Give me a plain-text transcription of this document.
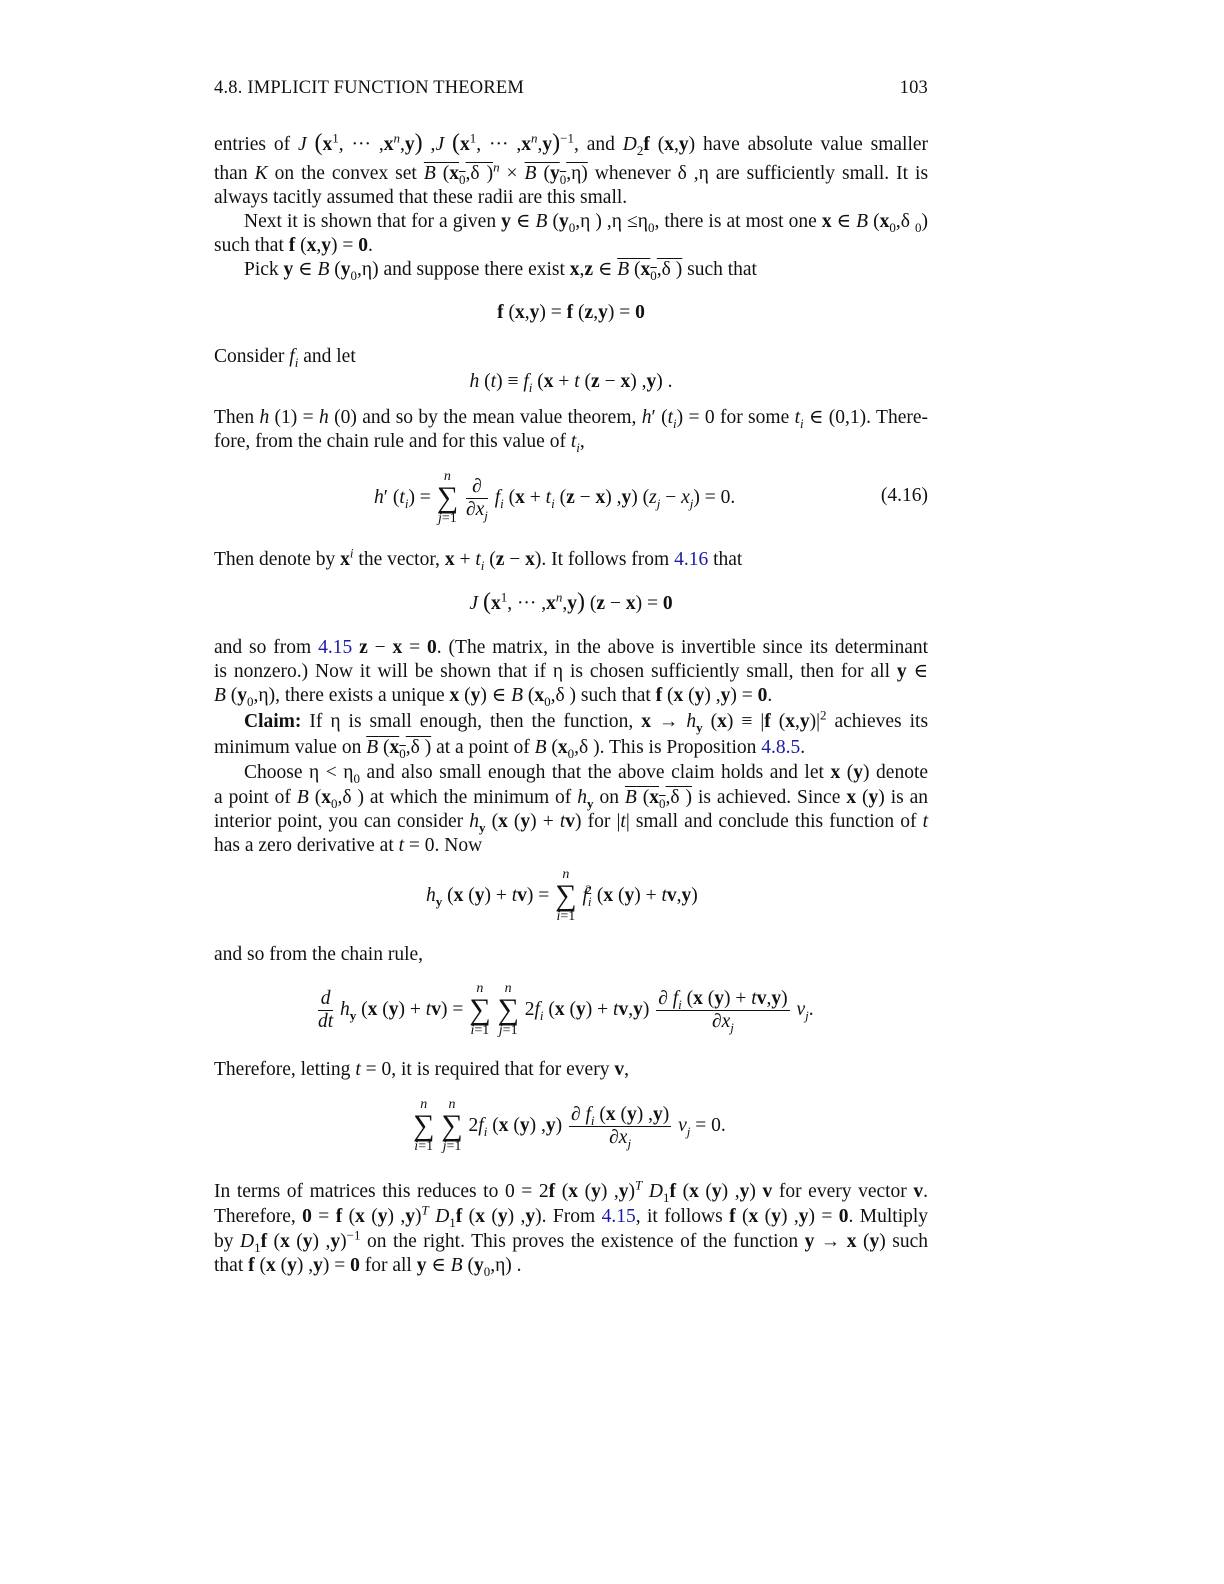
4.8. IMPLICIT FUNCTION THEOREM	103
entries of J ($x^1$, ··· $,x^n,y$) ,J ($x^1$, ··· $,x^n,y)^{-1}$, and $D_2f$ (x,y) have absolute value smaller
than K on the convex set B ($x_0,\delta$ )$^n$ × B $(y_0,\eta)$ whenever δ ,η are sufficiently small. It is
always tacitly assumed that these radii are this small.
Next it is shown that for a given y ∈ B ($y_0,\eta$ ) $,\eta \le\eta_0$, there is at most one x ∈ B ($x_0,\delta$ $_0$)
such that f (x,y) = 0.
Pick y ∈ B $(y_0,\eta)$ and suppose there exist x,z ∈ B ($x_0,\delta$ ) such that
f (x,y) = f (z,y) = 0
Consider $f_i$ and let
h $(t) \equiv f_i$ (x + t (z − x) ,y) .
Then h (1) = h (0) and so by the mean value theorem, h′ $(t_i) = 0$ for some $t_i$ ∈ (0,1). There-
fore, from the chain rule and for this value of $t_i$,
h′ $(t_i) = n$
∑
$j=1 \frac{\partial}{\partial x_j} f_i$ ($x + t_i$ (z − x) ,y) $(z_j - x_j) = 0$.	(4.16)
Then denote by $x^i$ the vector, $x + t_i$ (z − x). It follows from 4.16 that
J ($x^1$, ··· $,x^n,y$) (z − x) = 0
and so from 4.15 z − x = 0. (The matrix, in the above is invertible since its determinant
is nonzero.) Now it will be shown that if η is chosen sufficiently small, then for all y ∈
B $(y_0,\eta)$, there exists a unique x (y) ∈ B ($x_0,\delta$ ) such that f (x (y) ,y) = 0.
Claim: If η is small enough, then the function, $x \to h_y$ (x) ≡ |f $(x,y)|^2$ achieves its
minimum value on B ($x_0,\delta$ ) at a point of B ($x_0,\delta$ ). This is Proposition 4.8.5.
Choose $\eta < \eta_0$ and also small enough that the above claim holds and let x (y) denote
a point of B ($x_0,\delta$ ) at which the minimum of $h_y$ on B ($x_0,\delta$ ) is achieved. Since x (y) is an
interior point, you can consider $h_y$ (x (y) + tv) for |t| small and conclude this function of t
has a zero derivative at t = 0. Now
$h_y$ (x (y) + tv) = n
∑
i=1 $f_i^2$ (x (y) + tv,y)
and so from the chain rule,
$\frac{d}{dt} h_y$ (x (y) + tv) = n
∑
i=1 n
∑
j=1 $2f_i$ (x $(y) + tv,y) \frac{\partial f_i (x (y) + tv,y)}{\partial x_j} v_j$.
Therefore, letting t = 0, it is required that for every v,
n
∑
i=1 n
∑
j=1 $2f_i$ (x (y) $,y) \frac{\partial f_i (x (y) ,y)}{\partial x_j} v_j = 0$.
In terms of matrices this reduces to 0 = 2f (x (y) ,y)$^T$ $D_1f$ (x (y) ,y) v for every vector v.
Therefore, 0 = f (x (y) ,y)$^T$ $D_1f$ (x (y) ,y). From 4.15, it follows f (x (y) ,y) = 0. Multiply
by $D_1f$ (x (y) ,y)$^{-1}$ on the right. This proves the existence of the function y → x (y) such
that f (x (y) ,y) = 0 for all y ∈ B $(y_0,\eta)$ .
